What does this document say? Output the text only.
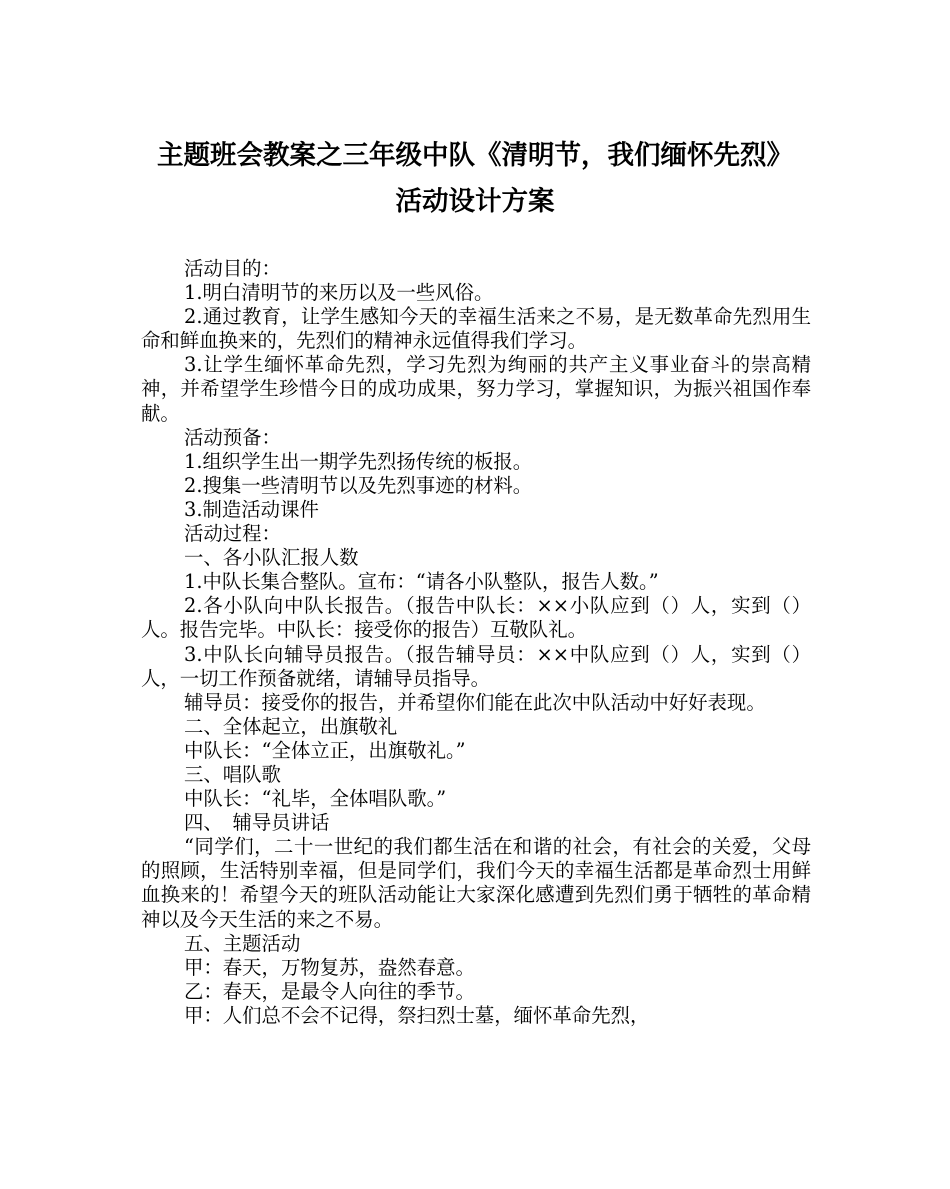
主题班会教案之三年级中队《清明节，我们缅怀先烈》
活动设计方案

活动目的：

1.明白清明节的来历以及一些风俗。

2.通过教育，让学生感知今天的幸福生活来之不易，是无数革命先烈用生命和鲜血换来的，先烈们的精神永远值得我们学习。

3.让学生缅怀革命先烈，学习先烈为绚丽的共产主义事业奋斗的崇高精神，并希望学生珍惜今日的成功成果，努力学习，掌握知识，为振兴祖国作奉献。

活动预备：

1.组织学生出一期学先烈扬传统的板报。

2.搜集一些清明节以及先烈事迹的材料。

3.制造活动课件

活动过程：

一、各小队汇报人数

1.中队长集合整队。宣布：“请各小队整队，报告人数。”

2.各小队向中队长报告。（报告中队长：××小队应到（）人，实到（）人。报告完毕。中队长：接受你的报告）互敬队礼。

3.中队长向辅导员报告。（报告辅导员：××中队应到（）人，实到（）人，一切工作预备就绪，请辅导员指导。

辅导员：接受你的报告，并希望你们能在此次中队活动中好好表现。

二、全体起立，出旗敬礼

中队长：“全体立正，出旗敬礼。”

三、唱队歌

中队长：“礼毕，全体唱队歌。”

四、　辅导员讲话

“同学们，二十一世纪的我们都生活在和谐的社会，有社会的关爱，父母的照顾，生活特别幸福，但是同学们，我们今天的幸福生活都是革命烈士用鲜血换来的！希望今天的班队活动能让大家深化感遭到先烈们勇于牺牲的革命精神以及今天生活的来之不易。

五、主题活动

甲：春天，万物复苏，盎然春意。

乙：春天，是最令人向往的季节。

甲：人们总不会不记得，祭扫烈士墓，缅怀革命先烈，
